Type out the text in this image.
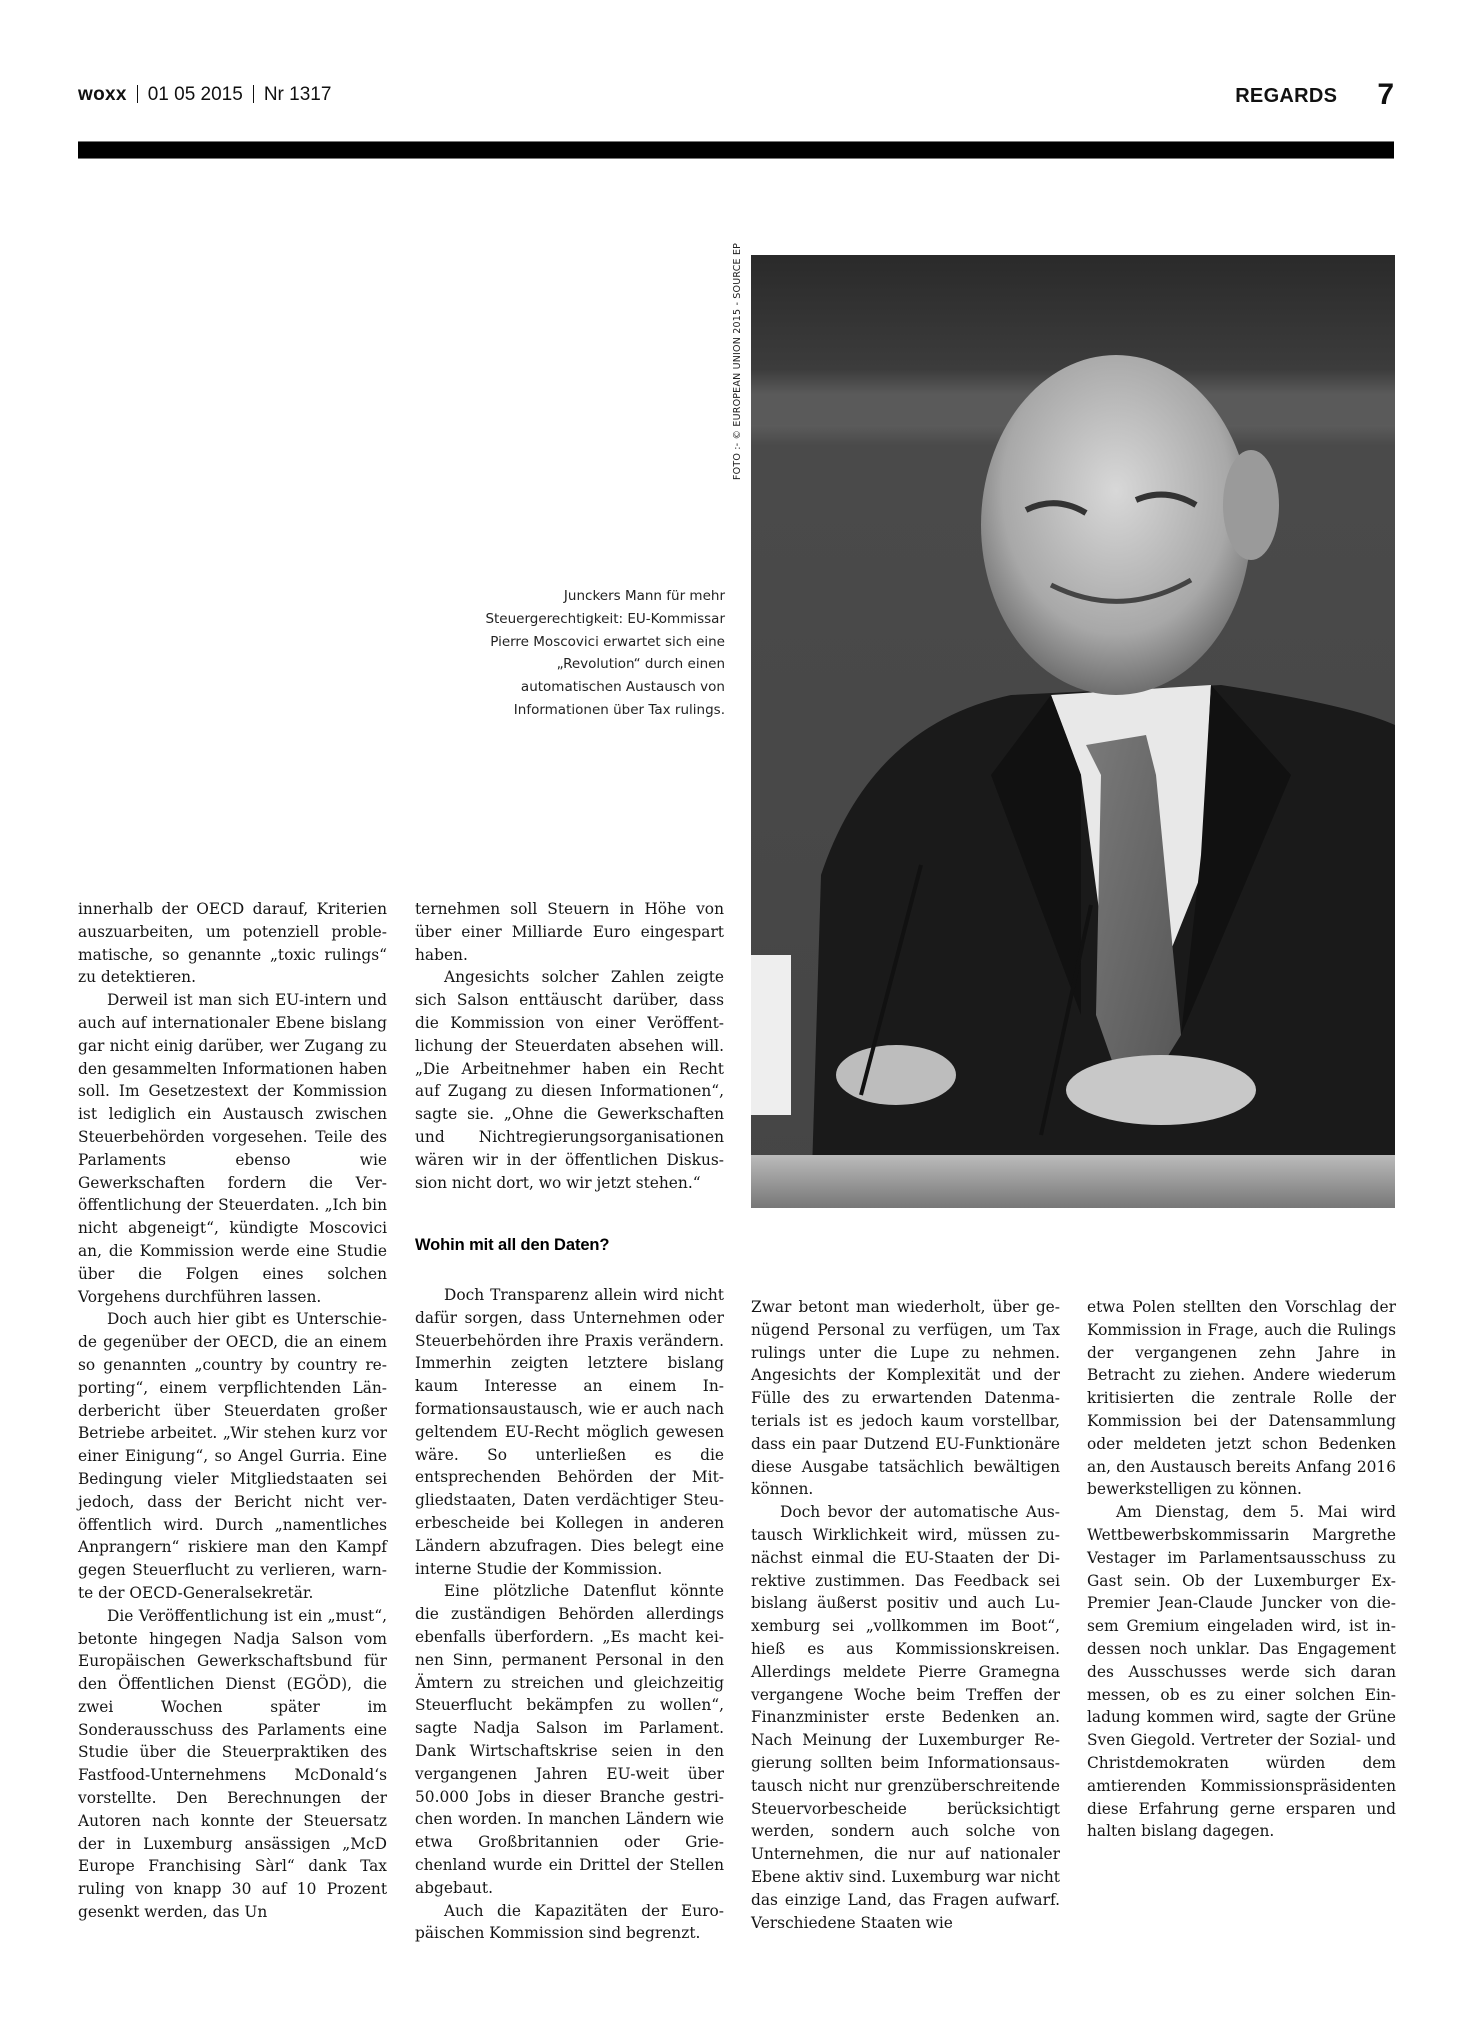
woxx 01 05 2015 Nr 1317	REGARDS 7
FOTO :- © EUROPEAN UNION 2015 - SOURCE EP
Junckers Mann für mehr Steuergerechtigkeit: EU-Kommissar Pierre Moscovici erwartet sich eine „Revolution“ durch einen automatischen Austausch von Informationen über Tax rulings.

innerhalb der OECD darauf, Kriterien auszuarbeiten, um potenziell problematische, so genannte „toxic rulings“ zu detektieren.

Derweil ist man sich EU-intern und auch auf internationaler Ebene bislang gar nicht einig darüber, wer Zugang zu den gesammelten Informationen haben soll. Im Gesetzestext der Kommission ist lediglich ein Austausch zwischen Steuerbehörden vorgesehen. Teile des Parlaments ebenso wie Gewerkschaften fordern die Veröffentlichung der Steuerdaten. „Ich bin nicht abgeneigt“, kündigte Moscovici an, die Kommission werde eine Studie über die Folgen eines solchen Vorgehens durchführen lassen.

Doch auch hier gibt es Unterschiede gegenüber der OECD, die an einem so genannten „country by country reporting“, einem verpflichtenden Länderbericht über Steuerdaten großer Betriebe arbeitet. „Wir stehen kurz vor einer Einigung“, so Angel Gurria. Eine Bedingung vieler Mitgliedstaaten sei jedoch, dass der Bericht nicht veröffentlich wird. Durch „namentliches Anprangern“ riskiere man den Kampf gegen Steuerflucht zu verlieren, warnte der OECD-Generalsekretär.

Die Veröffentlichung ist ein „must“, betonte hingegen Nadja Salson vom Europäischen Gewerkschaftsbund für den Öffentlichen Dienst (EGÖD), die zwei Wochen später im Sonderausschuss des Parlaments eine Studie über die Steuerpraktiken des Fastfood-Unternehmens McDonald‘s vorstellte. Den Berechnungen der Autoren nach konnte der Steuersatz der in Luxemburg ansässigen „McD Europe Franchising Sàrl“ dank Tax ruling von knapp 30 auf 10 Prozent gesenkt werden, das Un

ternehmen soll Steuern in Höhe von über einer Milliarde Euro eingespart haben.

Angesichts solcher Zahlen zeigte sich Salson enttäuscht darüber, dass die Kommission von einer Veröffentlichung der Steuerdaten absehen will. „Die Arbeitnehmer haben ein Recht auf Zugang zu diesen Informationen“, sagte sie. „Ohne die Gewerkschaften und Nichtregierungsorganisationen wären wir in der öffentlichen Diskussion nicht dort, wo wir jetzt stehen.“

Wohin mit all den Daten?

Doch Transparenz allein wird nicht dafür sorgen, dass Unternehmen oder Steuerbehörden ihre Praxis verändern. Immerhin zeigten letztere bislang kaum Interesse an einem Informationsaustausch, wie er auch nach geltendem EU-Recht möglich gewesen wäre. So unterließen es die entsprechenden Behörden der Mitgliedstaaten, Daten verdächtiger Steuerbescheide bei Kollegen in anderen Ländern abzufragen. Dies belegt eine interne Studie der Kommission.

Eine plötzliche Datenflut könnte die zuständigen Behörden allerdings ebenfalls überfordern. „Es macht keinen Sinn, permanent Personal in den Ämtern zu streichen und gleichzeitig Steuerflucht bekämpfen zu wollen“, sagte Nadja Salson im Parlament. Dank Wirtschaftskrise seien in den vergangenen Jahren EU-weit über 50.000 Jobs in dieser Branche gestrichen worden. In manchen Ländern wie etwa Großbritannien oder Griechenland wurde ein Drittel der Stellen abgebaut.

Auch die Kapazitäten der Europäischen Kommission sind begrenzt.

Zwar betont man wiederholt, über genügend Personal zu verfügen, um Tax rulings unter die Lupe zu nehmen. Angesichts der Komplexität und der Fülle des zu erwartenden Datenmaterials ist es jedoch kaum vorstellbar, dass ein paar Dutzend EU-Funktionäre diese Ausgabe tatsächlich bewältigen können.

Doch bevor der automatische Austausch Wirklichkeit wird, müssen zunächst einmal die EU-Staaten der Direktive zustimmen. Das Feedback sei bislang äußerst positiv und auch Luxemburg sei „vollkommen im Boot“, hieß es aus Kommissionskreisen. Allerdings meldete Pierre Gramegna vergangene Woche beim Treffen der Finanzminister erste Bedenken an. Nach Meinung der Luxemburger Regierung sollten beim Informationsaustausch nicht nur grenzüberschreitende Steuervorbescheide berücksichtigt werden, sondern auch solche von Unternehmen, die nur auf nationaler Ebene aktiv sind. Luxemburg war nicht das einzige Land, das Fragen aufwarf. Verschiedene Staaten wie

etwa Polen stellten den Vorschlag der Kommission in Frage, auch die Rulings der vergangenen zehn Jahre in Betracht zu ziehen. Andere wiederum kritisierten die zentrale Rolle der Kommission bei der Datensammlung oder meldeten jetzt schon Bedenken an, den Austausch bereits Anfang 2016 bewerkstelligen zu können.

Am Dienstag, dem 5. Mai wird Wettbewerbskommissarin Margrethe Vestager im Parlamentsausschuss zu Gast sein. Ob der Luxemburger Ex-Premier Jean-Claude Juncker von diesem Gremium eingeladen wird, ist indessen noch unklar. Das Engagement des Ausschusses werde sich daran messen, ob es zu einer solchen Einladung kommen wird, sagte der Grüne Sven Giegold. Vertreter der Sozial- und Christdemokraten würden dem amtierenden Kommissionspräsidenten diese Erfahrung gerne ersparen und halten bislang dagegen.
